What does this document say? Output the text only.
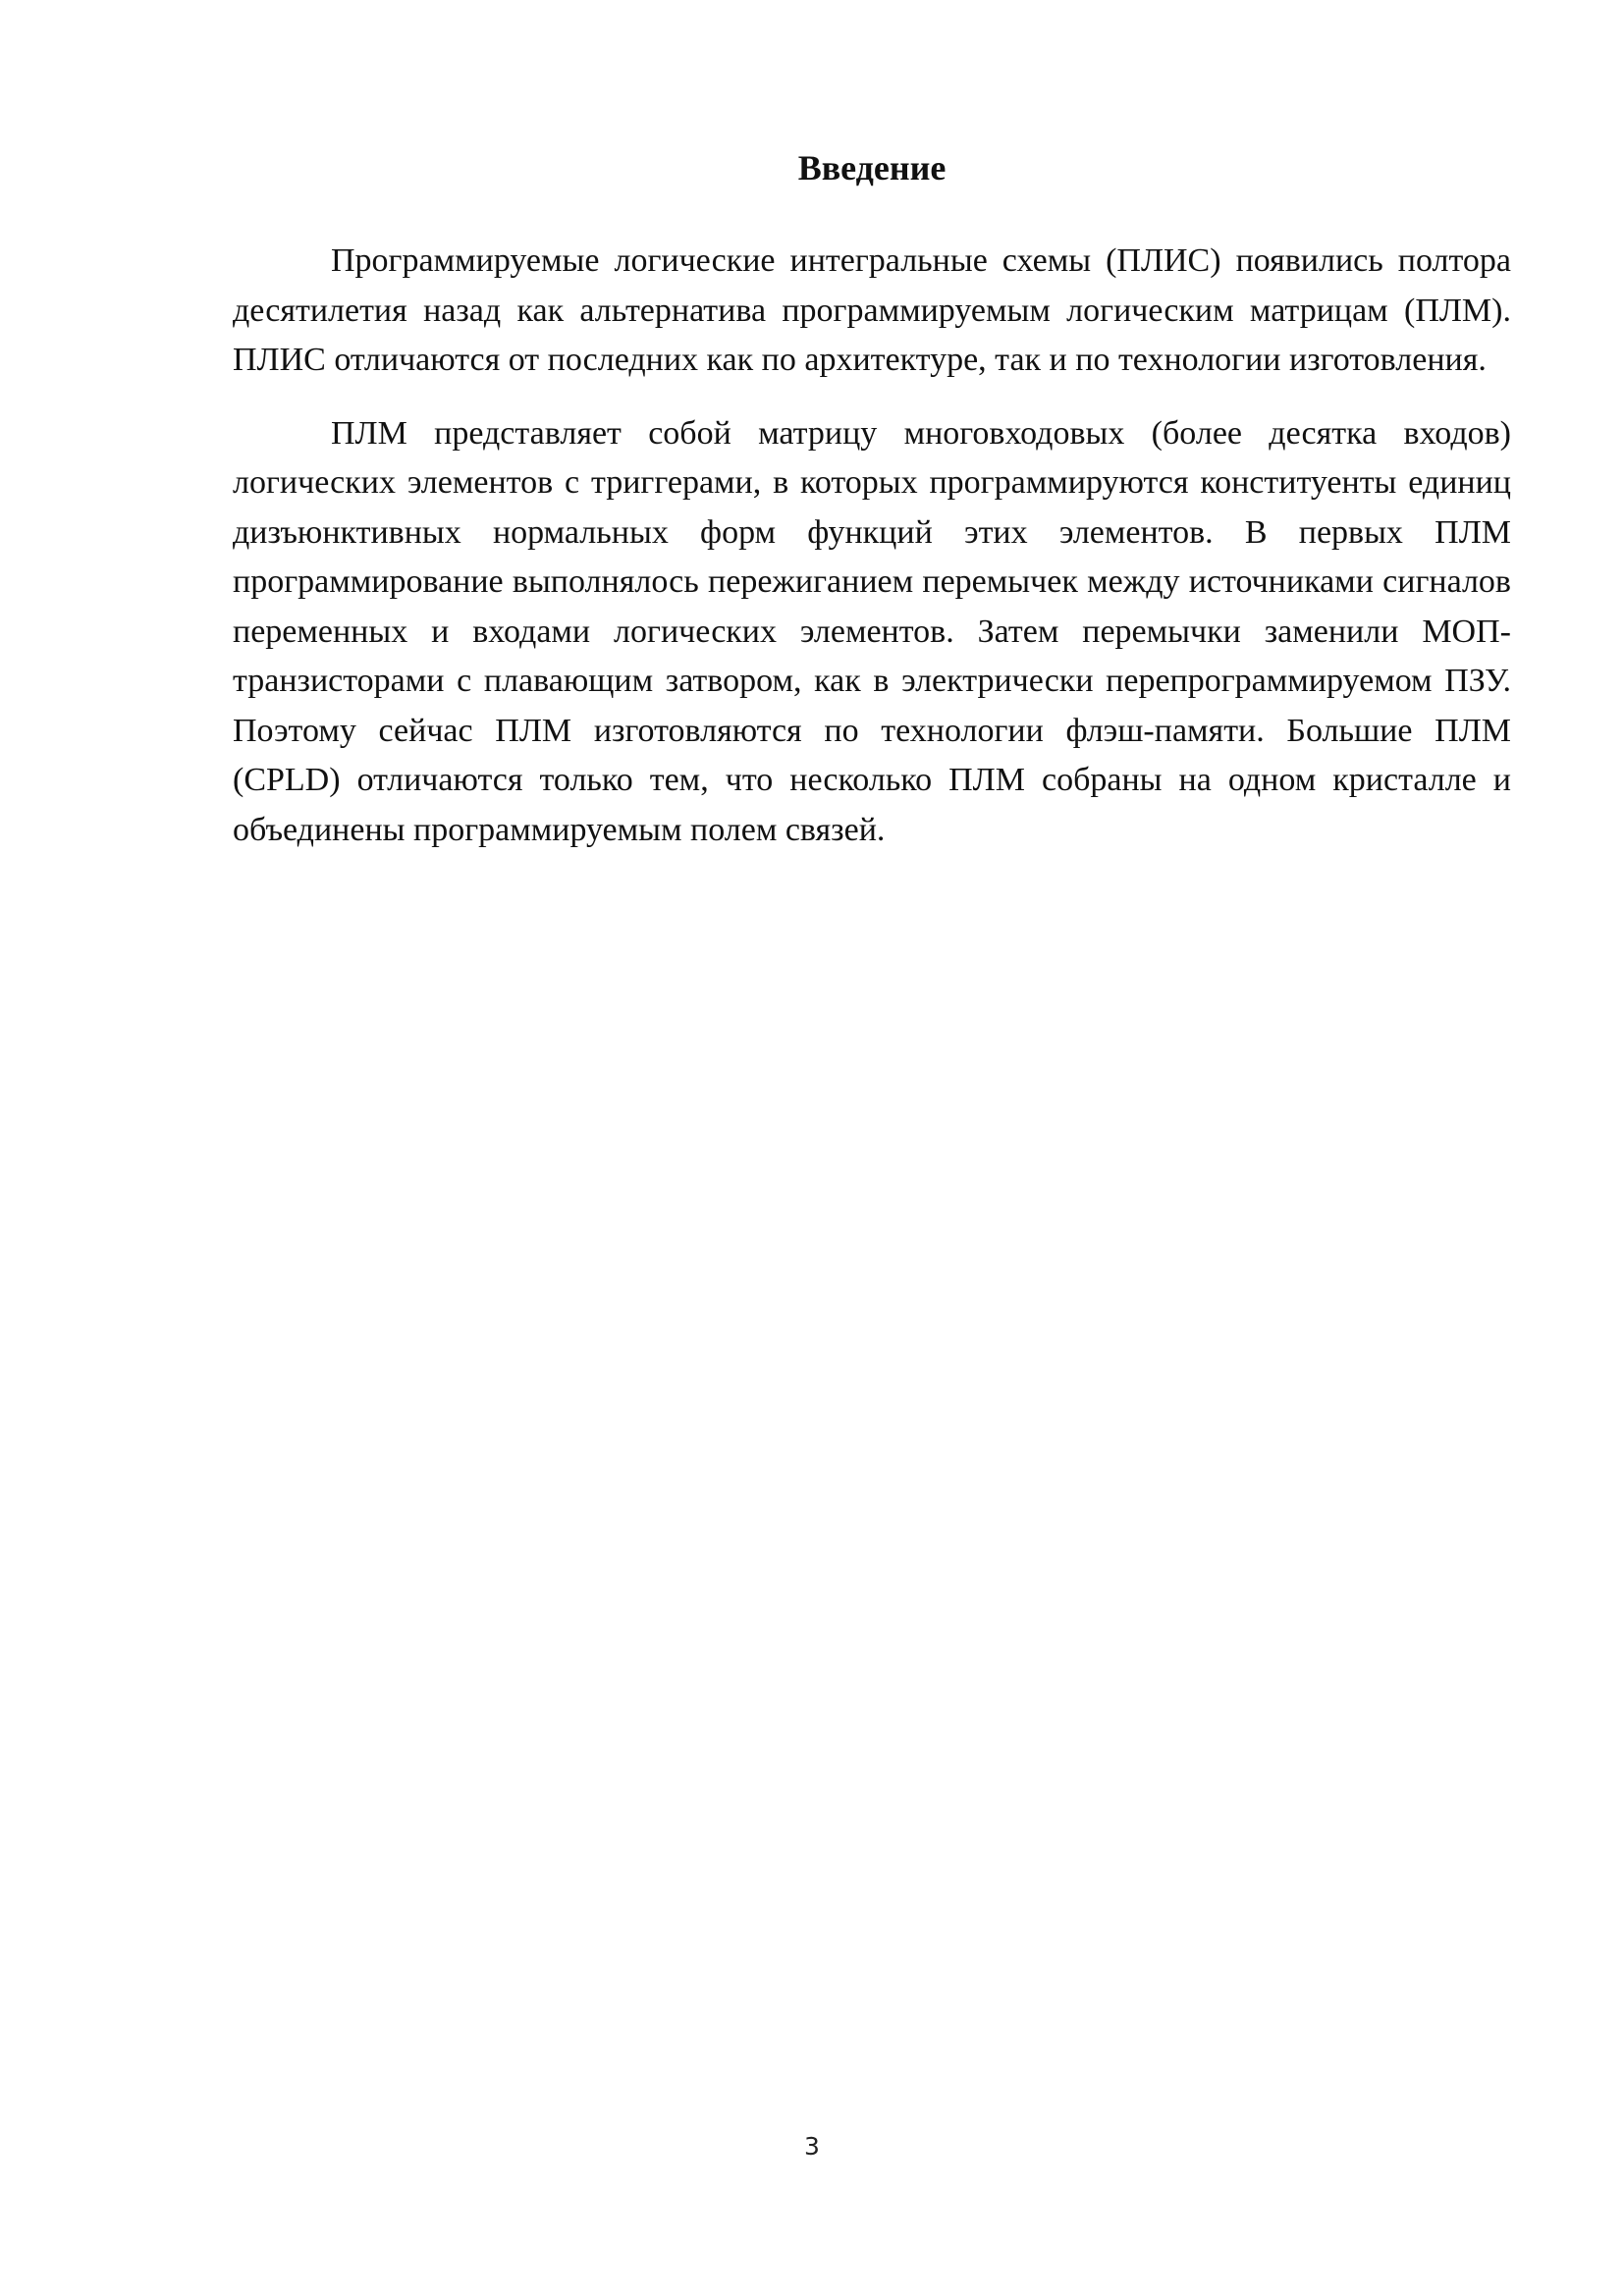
Введение

Программируемые логические интегральные схемы (ПЛИС) появились полтора десятилетия назад как альтернатива программируемым логическим матрицам (ПЛМ). ПЛИС отличаются от последних как по архитектуре, так и по технологии изготовления.

ПЛМ представляет собой матрицу многовходовых (более десятка входов) логических элементов с триггерами, в которых программируются конституенты единиц дизъюнктивных нормальных форм функций этих элементов. В первых ПЛМ программирование выполнялось пережиганием перемычек между источниками сигналов переменных и входами логических элементов. Затем перемычки заменили МОП-транзисторами с плавающим затвором, как в электрически перепрограммируемом ПЗУ. Поэтому сейчас ПЛМ изготовляются по технологии флэш-памяти. Большие ПЛМ (CPLD) отличаются только тем, что несколько ПЛМ собраны на одном кристалле и объединены программируемым полем связей.

3
